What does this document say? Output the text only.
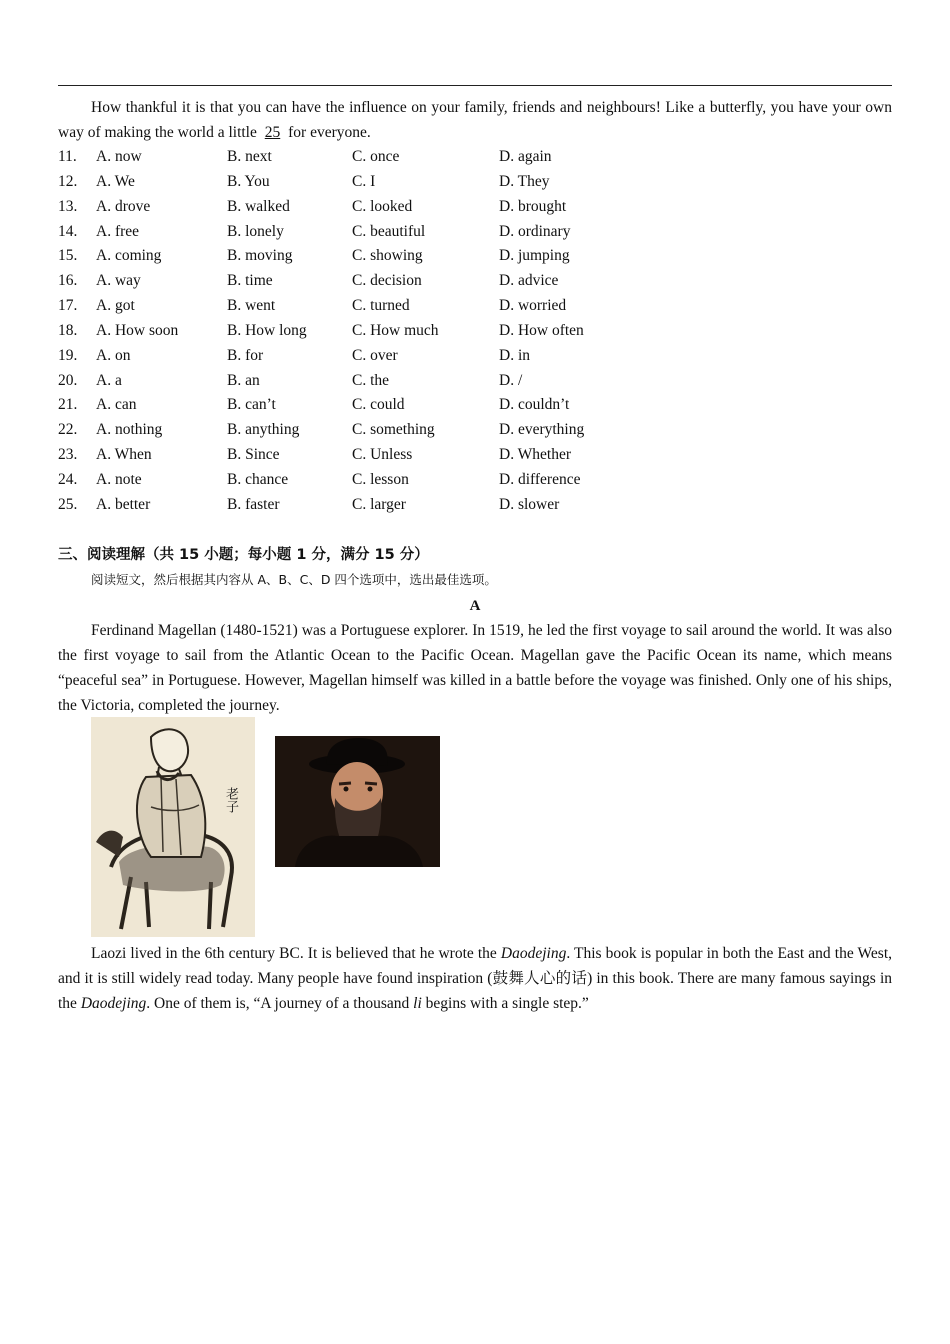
How thankful it is that you can have the influence on your family, friends and neighbours! Like a butterfly, you have your own way of making the world a little 25 for everyone.

11. A. now	B. next	C. once	D. again
12. A. We	B. You	C. I	D. They
13. A. drove	B. walked	C. looked	D. brought
14. A. free	B. lonely	C. beautiful	D. ordinary
15. A. coming	B. moving	C. showing	D. jumping
16. A. way	B. time	C. decision	D. advice
17. A. got	B. went	C. turned	D. worried
18. A. How soon	B. How long	C. How much	D. How often
19. A. on	B. for	C. over	D. in
20. A. a	B. an	C. the	D. /
21. A. can	B. can’t	C. could	D. couldn’t
22. A. nothing	B. anything	C. something	D. everything
23. A. When	B. Since	C. Unless	D. Whether
24. A. note	B. chance	C. lesson	D. difference
25. A. better	B. faster	C. larger	D. slower
三、阅读理解（共 15 小题；每小题 1 分，满分 15 分）
阅读短文，然后根据其内容从 A、B、C、D 四个选项中，选出最佳选项。
A

Ferdinand Magellan (1480-1521) was a Portuguese explorer. In 1519, he led the first voyage to sail around the world. It was also the first voyage to sail from the Atlantic Ocean to the Pacific Ocean. Magellan gave the Pacific Ocean its name, which means “peaceful sea” in Portuguese. However, Magellan himself was killed in a battle before the voyage was finished. Only one of his ships, the Victoria, completed the journey.

老子

Laozi lived in the 6th century BC. It is believed that he wrote the Daodejing. This book is popular in both the East and the West, and it is still widely read today. Many people have found inspiration (鼓舞人心的话) in this book. There are many famous sayings in the Daodejing. One of them is, “A journey of a thousand li begins with a single step.”
